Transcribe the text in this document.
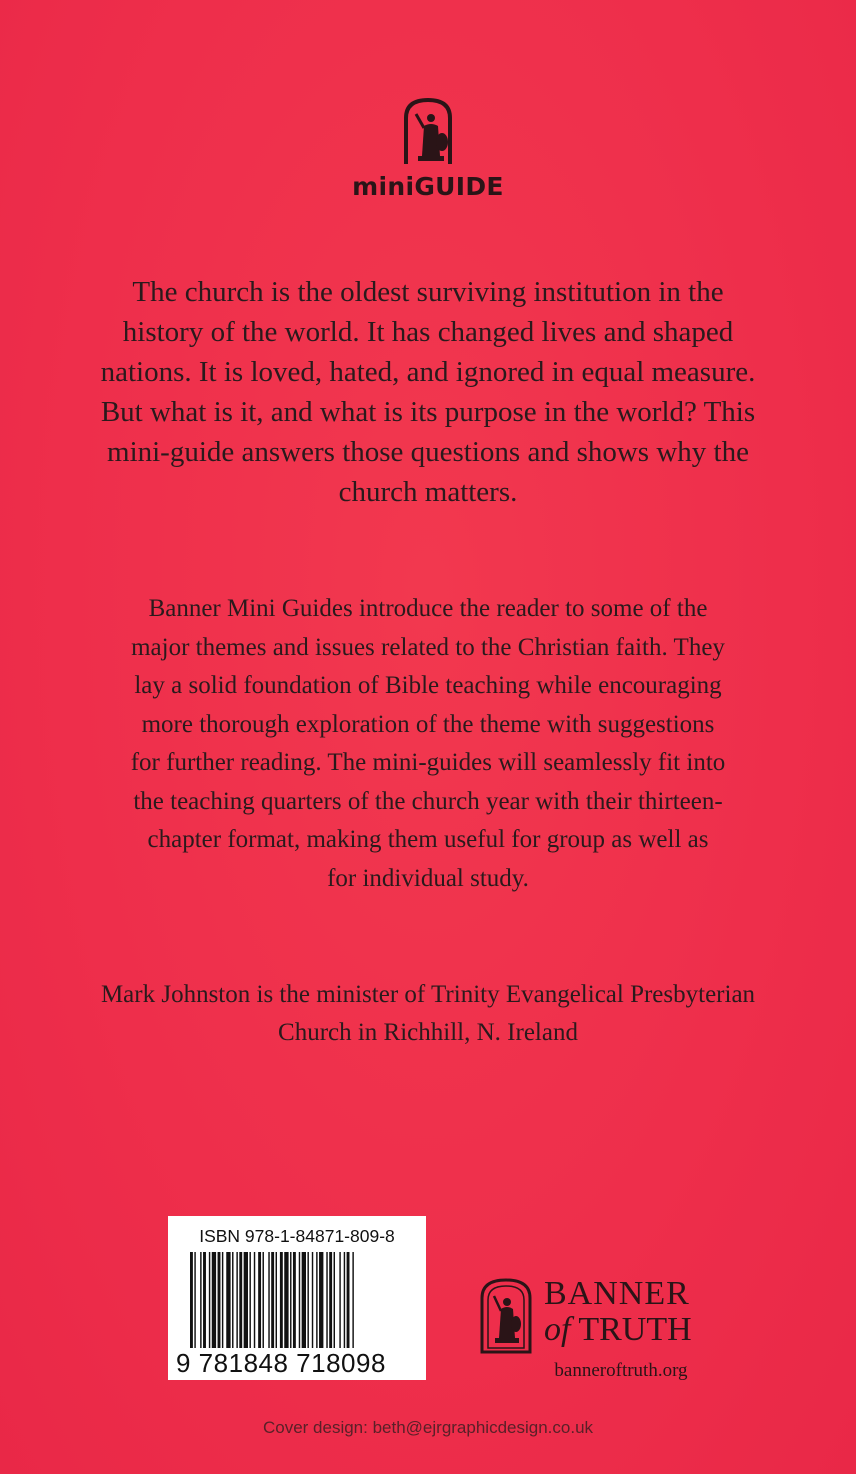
miniGUIDE

The church is the oldest surviving institution in the history of the world. It has changed lives and shaped nations. It is loved, hated, and ignored in equal measure. But what is it, and what is its purpose in the world? This mini-guide answers those questions and shows why the church matters.

Banner Mini Guides introduce the reader to some of the major themes and issues related to the Christian faith. They lay a solid foundation of Bible teaching while encouraging more thorough exploration of the theme with suggestions for further reading. The mini-guides will seamlessly fit into the teaching quarters of the church year with their thirteen-chapter format, making them useful for group as well as for individual study.

Mark Johnston is the minister of Trinity Evangelical Presbyterian Church in Richhill, N. Ireland

ISBN 978-1-84871-809-8
9 781848 718098
BANNER
of TRUTH
banneroftruth.org
Cover design: beth@ejrgraphicdesign.co.uk
